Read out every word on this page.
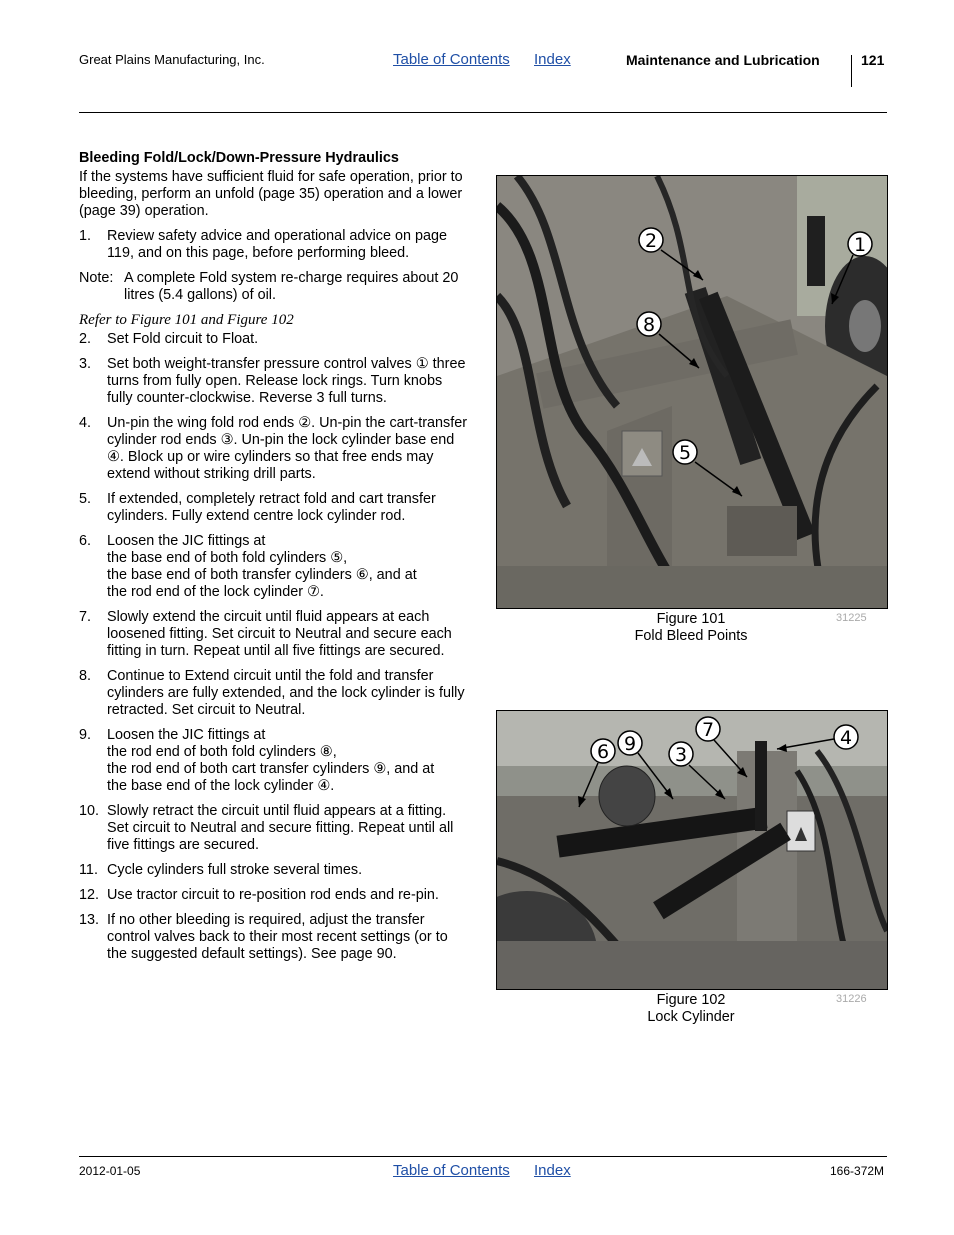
Great Plains Manufacturing, Inc.	Table of Contents Index	Maintenance and Lubrication	121
Bleeding Fold/Lock/Down-Pressure Hydraulics

If the systems have sufficient fluid for safe operation, prior to bleeding, perform an unfold (page 35) operation and a lower (page 39) operation.

1.	Review safety advice and operational advice on page 119, and on this page, before performing bleed.
Note: A complete Fold system re-charge requires about 20 litres (5.4 gallons) of oil.
Refer to Figure 101 and Figure 102
2.	Set Fold circuit to Float.
3.	Set both weight-transfer pressure control valves ① three turns from fully open. Release lock rings. Turn knobs fully counter-clockwise. Reverse 3 full turns.
4.	Un-pin the wing fold rod ends ②. Un-pin the cart-transfer cylinder rod ends ③. Un-pin the lock cylinder base end ④. Block up or wire cylinders so that free ends may extend without striking drill parts.
5.	If extended, completely retract fold and cart transfer cylinders. Fully extend centre lock cylinder rod.
6.	Loosen the JIC fittings at
the base end of both fold cylinders ⑤,
the base end of both transfer cylinders ⑥, and at
the rod end of the lock cylinder ⑦.
7.	Slowly extend the circuit until fluid appears at each loosened fitting. Set circuit to Neutral and secure each fitting in turn. Repeat until all five fittings are secured.
8.	Continue to Extend circuit until the fold and transfer cylinders are fully extended, and the lock cylinder is fully retracted. Set circuit to Neutral.
9.	Loosen the JIC fittings at
the rod end of both fold cylinders ⑧,
the rod end of both cart transfer cylinders ⑨, and at
the base end of the lock cylinder ④.
10. Slowly retract the circuit until fluid appears at a fitting. Set circuit to Neutral and secure fitting. Repeat until all five fittings are secured.
11. Cycle cylinders full stroke several times.
12. Use tractor circuit to re-position rod ends and re-pin.
13. If no other bleeding is required, adjust the transfer control valves back to their most recent settings (or to the suggested default settings). See page 90.
2	1
8
5
Figure 101
Fold Bleed Points
31225
7	4
6 9 3
Figure 102
Lock Cylinder
31226
2012-01-05	Table of Contents Index	166-372M
